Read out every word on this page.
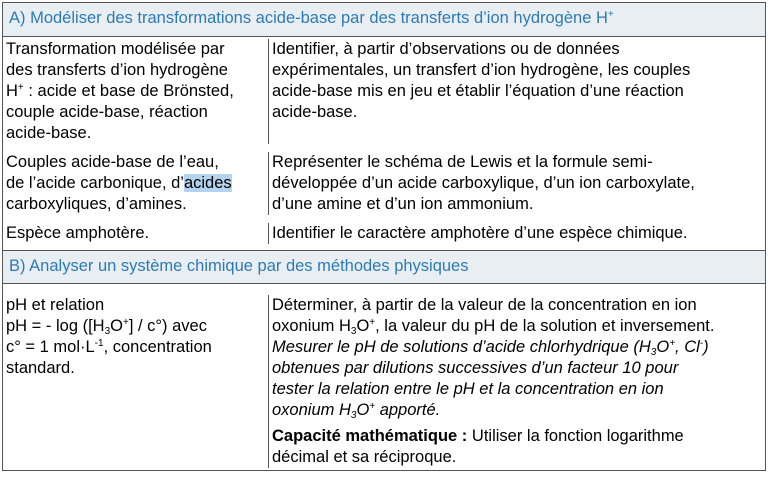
A) Modéliser des transformations acide-base par des transferts d’ion hydrogène H+
Transformation modélisée par
des transferts d’ion hydrogène
H+ : acide et base de Brönsted,
couple acide-base, réaction
acide-base.
Identifier, à partir d’observations ou de données
expérimentales, un transfert d’ion hydrogène, les couples
acide-base mis en jeu et établir l’équation d’une réaction
acide-base.
Couples acide-base de l’eau,
de l’acide carbonique, d’acides
carboxyliques, d’amines.
Représenter le schéma de Lewis et la formule semi-
développée d’un acide carboxylique, d’un ion carboxylate,
d’une amine et d’un ion ammonium.
Espèce amphotère.	Identifier le caractère amphotère d’une espèce chimique.
B) Analyser un système chimique par des méthodes physiques
pH et relation
pH = - $\log ([H_3O^+] / c^\circ)$ avec
c° = 1 $mol\cdot L^{-1}$, concentration
standard.
Déterminer, à partir de la valeur de la concentration en ion
oxonium $H_3O^+$, la valeur du pH de la solution et inversement.
Mesurer le pH de solutions d’acide chlorhydrique ($H_3O^+$, Cl-)
obtenues par dilutions successives d’un facteur 10 pour
tester la relation entre le pH et la concentration en ion
oxonium $H_3O^+$ apporté.
Capacité mathématique : Utiliser la fonction logarithme
décimal et sa réciproque.
